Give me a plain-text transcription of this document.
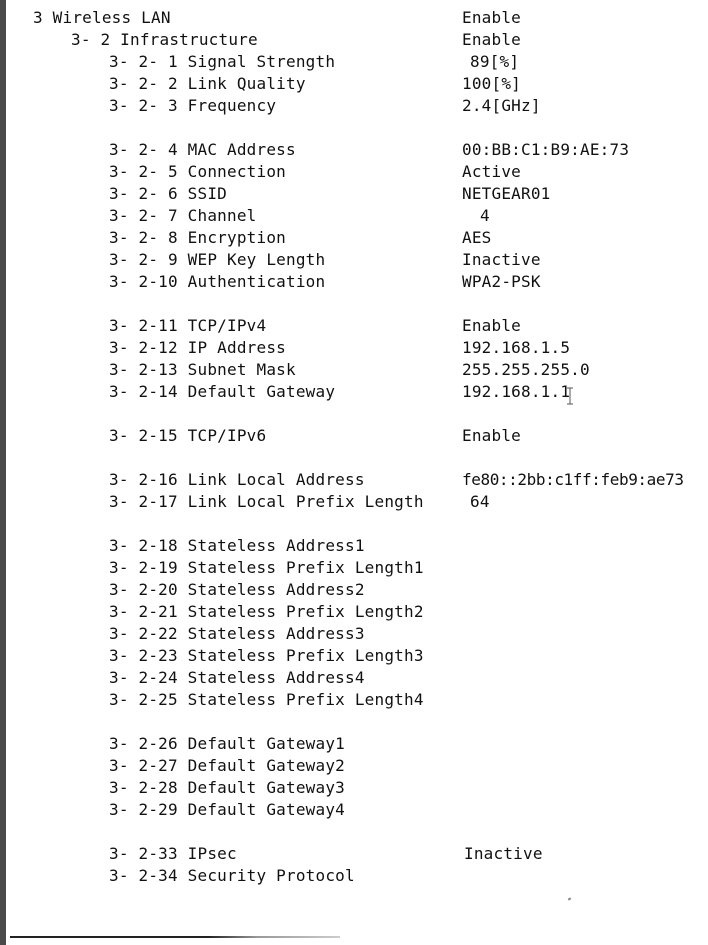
3 Wireless LAN	Enable
3- 2 Infrastructure	Enable
3- 2- 1 Signal Strength	89[%]
3- 2- 2 Link Quality	100[%]
3- 2- 3 Frequency	2.4[GHz]
3- 2- 4 MAC Address	00:BB:C1:B9:AE:73
3- 2- 5 Connection	Active
3- 2- 6 SSID	NETGEAR01
3- 2- 7 Channel	4
3- 2- 8 Encryption	AES
3- 2- 9 WEP Key Length	Inactive
3- 2-10 Authentication	WPA2-PSK
3- 2-11 TCP/IPv4	Enable
3- 2-12 IP Address	192.168.1.5
3- 2-13 Subnet Mask	255.255.255.0
3- 2-14 Default Gateway	192.168.1.1
3- 2-15 TCP/IPv6	Enable
3- 2-16 Link Local Address	fe80::2bb:c1ff:feb9:ae73
3- 2-17 Link Local Prefix Length	64
3- 2-18 Stateless Address1
3- 2-19 Stateless Prefix Length1
3- 2-20 Stateless Address2
3- 2-21 Stateless Prefix Length2
3- 2-22 Stateless Address3
3- 2-23 Stateless Prefix Length3
3- 2-24 Stateless Address4
3- 2-25 Stateless Prefix Length4
3- 2-26 Default Gateway1
3- 2-27 Default Gateway2
3- 2-28 Default Gateway3
3- 2-29 Default Gateway4
3- 2-33 IPsec	Inactive
3- 2-34 Security Protocol
